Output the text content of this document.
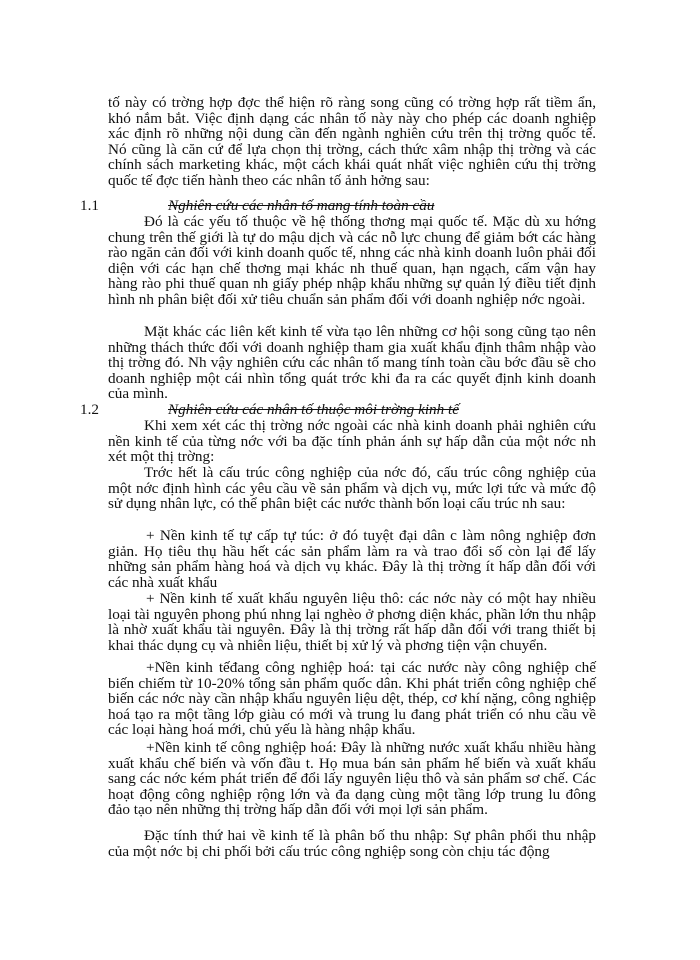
tố này có trờng hợp đợc thể hiện rõ ràng song cũng có trờng hợp rất tiềm ẩn, khó nắm bắt. Việc định dạng các nhân tố này này cho phép các doanh nghiệp xác định rõ những nội dung cần đến ngành nghiên cứu trên thị trờng quốc tế. Nó cũng là căn cứ để lựa chọn thị trờng, cách thức xâm nhập thị trờng và các chính sách marketing khác, một cách khái quát nhất việc nghiên cứu thị trờng quốc tế đợc tiến hành theo các nhân tố ảnh hởng sau:

1.1	Nghiên cứu các nhân tố mang tính toàn cầu

Đó là các yếu tố thuộc về hệ thống thơng mại quốc tế. Mặc dù xu hớng chung trên thế giới là tự do mậu dịch và các nỗ lực chung để giảm bớt các hàng rào ngăn cản đối với kinh doanh quốc tế, nhng các nhà kinh doanh luôn phải đối diện với các hạn chế thơng mại khác nh thuế quan, hạn ngạch, cấm vận hay hàng rào phi thuế quan nh giấy phép nhập khẩu những sự quản lý điều tiết định hình nh phân biệt đối xử tiêu chuẩn sản phẩm đối với doanh nghiệp nớc ngoài.

Mặt khác các liên kết kinh tế vừa tạo lên những cơ hội song cũng tạo nên những thách thức đối với doanh nghiệp tham gia xuất khẩu định thâm nhập vào thị trờng đó. Nh vậy nghiên cứu các nhân tố mang tính toàn cầu bớc đầu sẽ cho doanh nghiệp một cái nhìn tổng quát trớc khi đa ra các quyết định kinh doanh của mình.

1.2	Nghiên cứu các nhân tố thuộc môi trờng kinh tế

Khi xem xét các thị trờng nớc ngoài các nhà kinh doanh phải nghiên cứu nền kinh tế của từng nớc với ba đặc tính phản ánh sự hấp dẫn của một nớc nh xét một thị trờng:

Trớc hết là cấu trúc công nghiệp của nớc đó, cấu trúc công nghiệp của một nớc định hình các yêu cầu về sản phẩm và dịch vụ, mức lợi tức và mức độ sử dụng nhân lực, có thể phân biệt các nước thành bốn loại cấu trúc nh sau:

+ Nền kinh tế tự cấp tự túc: ở đó tuyệt đại dân c làm nông nghiệp đơn giản. Họ tiêu thụ hầu hết các sản phẩm làm ra và trao đổi số còn lại để lấy những sản phẩm hàng hoá và dịch vụ khác. Đây là thị trờng ít hấp dẫn đối với các nhà xuất khẩu

+ Nền kinh tế xuất khẩu nguyên liệu thô: các nớc này có một hay nhiều loại tài nguyên phong phú nhng lại nghèo ở phơng diện khác, phần lớn thu nhập là nhờ xuất khẩu tài nguyên. Đây là thị trờng rất hấp dẫn đối với trang thiết bị khai thác dụng cụ và nhiên liệu, thiết bị xử lý và phơng tiện vận chuyển.

+Nền kinh tếđang công nghiệp hoá: tại các nước này công nghiệp chế biến chiếm từ 10-20% tổng sản phẩm quốc dân. Khi phát triển công nghiệp chế biến các nớc này cần nhập khẩu nguyên liệu dệt, thép, cơ khí nặng, công nghiệp hoá tạo ra một tầng lớp giàu có mới và trung lu đang phát triển có nhu cầu về các loại hàng hoá mới, chủ yếu là hàng nhập khẩu.

+Nền kinh tế công nghiệp hoá: Đây là những nước xuất khẩu nhiều hàng xuất khẩu chế biến và vốn đầu t. Họ mua bán sản phẩm hế biến và xuất khẩu sang các nớc kém phát triển để đổi lấy nguyên liệu thô và sản phẩm sơ chế. Các hoạt động công nghiệp rộng lớn và đa dạng cùng một tầng lớp trung lu đông đảo tạo nên những thị trờng hấp dẫn đối với mọi lợi sản phẩm.

Đặc tính thứ hai về kinh tế là phân bố thu nhập: Sự phân phối thu nhập của một nớc bị chi phối bởi cấu trúc công nghiệp song còn chịu tác động
